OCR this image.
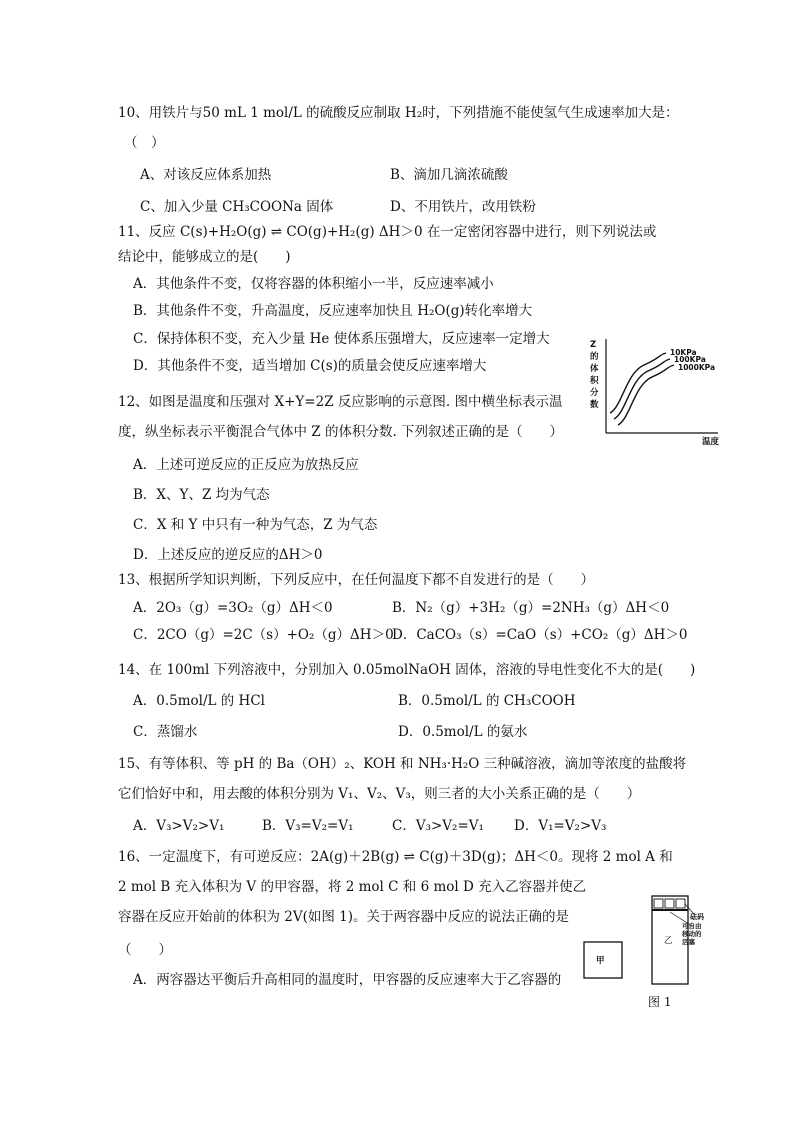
10、用铁片与50 mL 1 mol/L 的硫酸反应制取 H₂时，下列措施不能使氢气生成速率加大是：
（　）
A、对该反应体系加热	B、滴加几滴浓硫酸
C、加入少量 CH₃COONa 固体	D、不用铁片，改用铁粉
11、反应 C(s)+H₂O(g) ⇌ CO(g)+H₂(g) ΔH＞0 在一定密闭容器中进行，则下列说法或
结论中，能够成立的是(　　)
A．其他条件不变，仅将容器的体积缩小一半，反应速率减小
B．其他条件不变，升高温度，反应速率加快且 H₂O(g)转化率增大
C．保持体积不变，充入少量 He 使体系压强增大，反应速率一定增大
D．其他条件不变，适当增加 C(s)的质量会使反应速率增大
Z的体积分数
温度
10KPa
100KPa
1000KPa
12、如图是温度和压强对 X+Y=2Z 反应影响的示意图. 图中横坐标表示温
度，纵坐标表示平衡混合气体中 Z 的体积分数. 下列叙述正确的是（　　）
A．上述可逆反应的正反应为放热反应
B．X、Y、Z 均为气态
C．X 和 Y 中只有一种为气态，Z 为气态
D．上述反应的逆反应的ΔH＞0
13、根据所学知识判断，下列反应中，在任何温度下都不自发进行的是（　　）
A．2O₃（g）=3O₂（g）ΔH＜0	B．N₂（g）+3H₂（g）=2NH₃（g）ΔH＜0
C．2CO（g）=2C（s）+O₂（g）ΔH＞0
D．CaCO₃（s）=CaO（s）+CO₂（g）ΔH＞0
14、在 100ml 下列溶液中，分别加入 0.05molNaOH 固体，溶液的导电性变化不大的是(　　)
A．0.5mol/L 的 HCl	B．0.5mol/L 的 CH₃COOH
C．蒸馏水	D．0.5mol/L 的氨水
15、有等体积、等 pH 的 Ba（OH）₂、KOH 和 NH₃·H₂O 三种碱溶液，滴加等浓度的盐酸将
它们恰好中和，用去酸的体积分别为 V₁、V₂、V₃，则三者的大小关系正确的是（　　）
A．V₃>V₂>V₁	B．V₃=V₂=V₁	C．V₃>V₂=V₁ D．V₁=V₂>V₃
16、一定温度下，有可逆反应：2A(g)＋2B(g) ⇌ C(g)＋3D(g)；ΔH＜0。现将 2 mol A 和
2 mol B 充入体积为 V 的甲容器，将 2 mol C 和 6 mol D 充入乙容器并使乙
容器在反应开始前的体积为 2V(如图 1)。关于两容器中反应的说法正确的是
（　　）
A．两容器达平衡后升高相同的温度时，甲容器的反应速率大于乙容器的
甲
乙
砝码
可自由移动的活塞
图 1
